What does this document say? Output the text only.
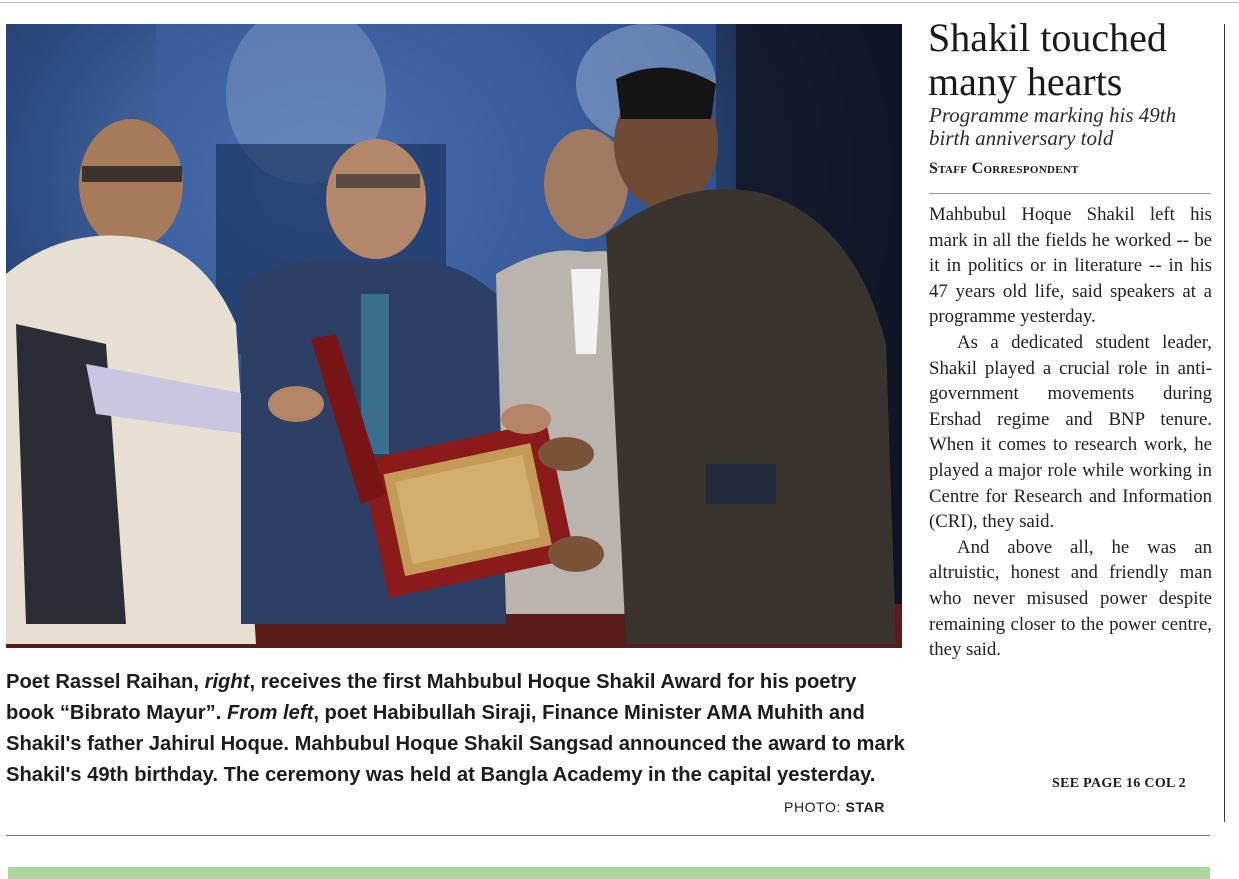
Poet Rassel Raihan, right, receives the first Mahbubul Hoque Shakil Award for his poetry book “Bibrato Mayur”. From left, poet Habibullah Siraji, Finance Minister AMA Muhith and Shakil's father Jahirul Hoque. Mahbubul Hoque Shakil Sangsad announced the award to mark Shakil's 49th birthday. The ceremony was held at Bangla Academy in the capital yesterday.

PHOTO: STAR
Shakil touched many hearts
Programme marking his 49th birth anniversary told
Staff Correspondent

Mahbubul Hoque Shakil left his mark in all the fields he worked -- be it in politics or in literature -- in his 47 years old life, said speakers at a programme yesterday.

As a dedicated student leader, Shakil played a crucial role in anti-government movements during Ershad regime and BNP tenure. When it comes to research work, he played a major role while working in Centre for Research and Information (CRI), they said.

And above all, he was an altruistic, honest and friendly man who never misused power despite remaining closer to the power centre, they said.

SEE PAGE 16 COL 2
